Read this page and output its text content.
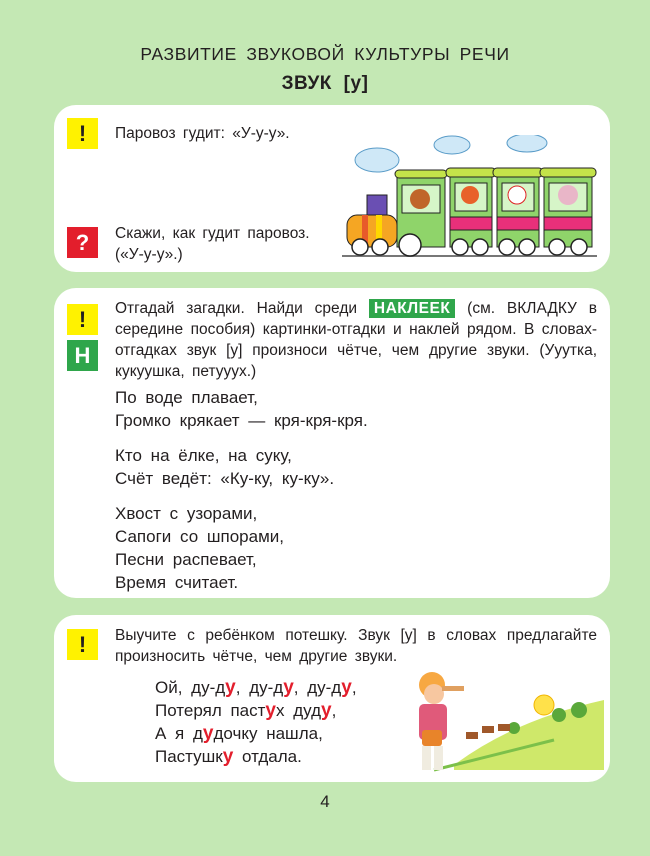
РАЗВИТИЕ ЗВУКОВОЙ КУЛЬТУРЫ РЕЧИ
ЗВУК [у]
!	Паровоз гудит: «У-у-у».
?	Скажи, как гудит паровоз.
(«У-у-у».)
!
Н
Отгадай загадки. Найди среди НАКЛЕЕК (см. ВКЛАДКУ в середине пособия) картинки-отгадки и наклей рядом. В словах-отгадках звук [у] произноси чётче, чем другие звуки. (Ууутка, кукуушка, петууух.)
По воде плавает,
Громко крякает — кря-кря-кря.
Кто на ёлке, на суку,
Счёт ведёт: «Ку-ку, ку-ку».
Хвост с узорами,
Сапоги со шпорами,
Песни распевает,
Время считает.
!	Выучите с ребёнком потешку. Звук [у] в словах предлагайте произносить чётче, чем другие звуки.
Ой, ду-ду, ду-ду, ду-ду,
Потерял пастух дуду,
А я дудочку нашла,
Пастушку отдала.
4
